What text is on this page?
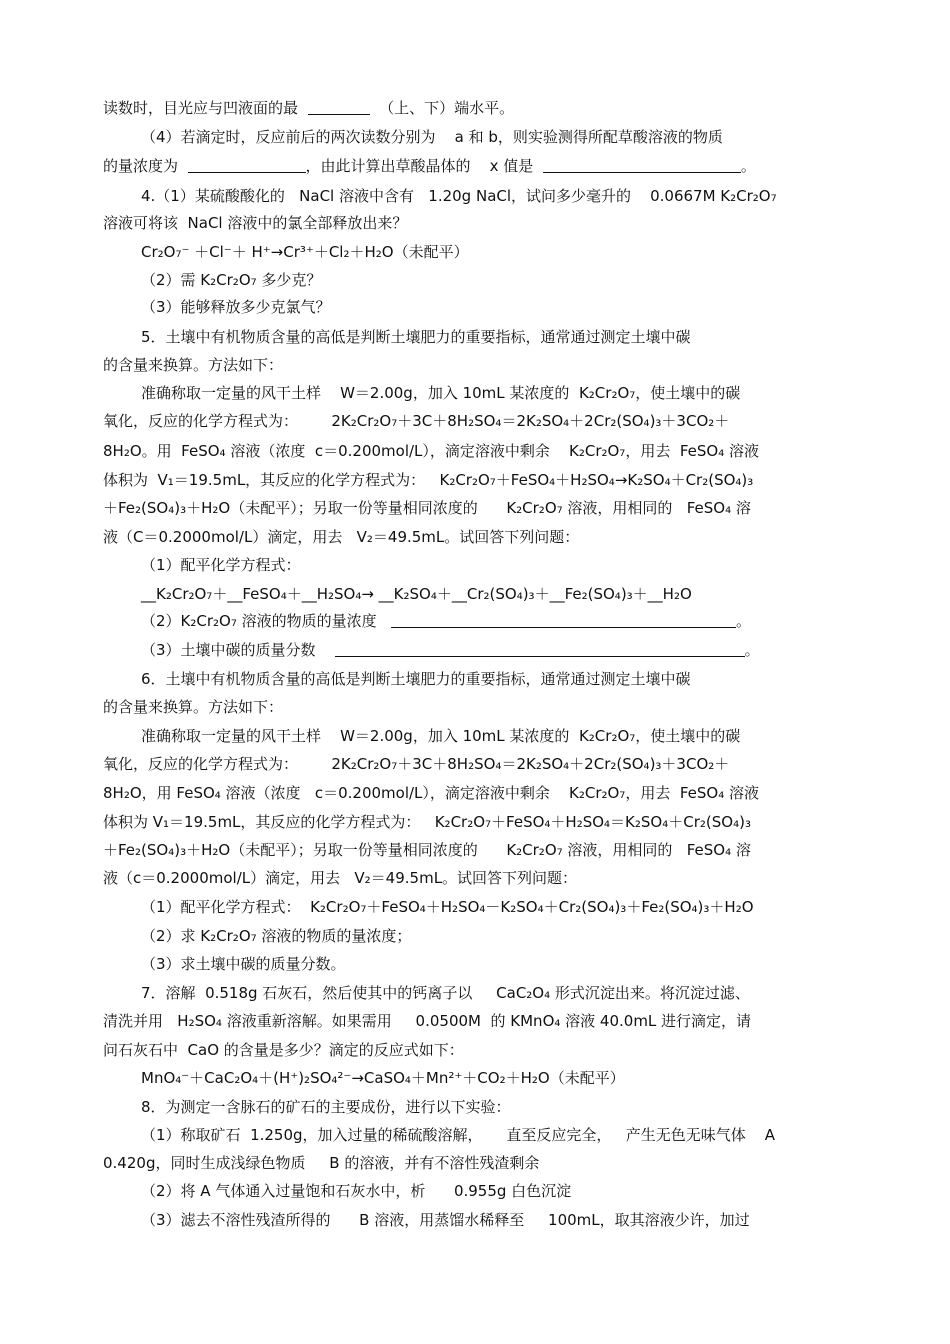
读数时，目光应与凹液面的最	（上、下）端水平。
（4）若滴定时，反应前后的两次读数分别为    a 和 b，则实验测得所配草酸溶液的物质
的量浓度为	，由此计算出草酸晶体的    x 值是	。
4.（1）某硫酸酸化的   NaCl 溶液中含有   1.20g NaCl，试问多少毫升的    0.0667M K₂Cr₂O₇
溶液可将该  NaCl 溶液中的氯全部释放出来？
Cr₂O₇⁻ ＋Cl⁻＋ H⁺→Cr³⁺＋Cl₂＋H₂O（未配平）
（2）需 K₂Cr₂O₇ 多少克？
（3）能够释放多少克氯气？
5．土壤中有机物质含量的高低是判断土壤肥力的重要指标，通常通过测定土壤中碳
的含量来换算。方法如下：
准确称取一定量的风干土样    W＝2.00g，加入 10mL 某浓度的  K₂Cr₂O₇，使土壤中的碳
氧化，反应的化学方程式为：       2K₂Cr₂O₇＋3C＋8H₂SO₄＝2K₂SO₄＋2Cr₂(SO₄)₃＋3CO₂＋
8H₂O。用  FeSO₄ 溶液（浓度  c＝0.200mol/L），滴定溶液中剩余    K₂Cr₂O₇，用去  FeSO₄ 溶液
体积为  V₁＝19.5mL，其反应的化学方程式为：   K₂Cr₂O₇＋FeSO₄＋H₂SO₄→K₂SO₄＋Cr₂(SO₄)₃
＋Fe₂(SO₄)₃＋H₂O（未配平）；另取一份等量相同浓度的      K₂Cr₂O₇ 溶液，用相同的   FeSO₄ 溶
液（C＝0.2000mol/L）滴定，用去   V₂＝49.5mL。试回答下列问题：
（1）配平化学方程式：
__K₂Cr₂O₇＋__FeSO₄＋__H₂SO₄→ __K₂SO₄＋__Cr₂(SO₄)₃＋__Fe₂(SO₄)₃＋__H₂O
（2）K₂Cr₂O₇ 溶液的物质的量浓度	。
（3）土壤中碳的质量分数	。
6．土壤中有机物质含量的高低是判断土壤肥力的重要指标，通常通过测定土壤中碳
的含量来换算。方法如下：
准确称取一定量的风干土样    W＝2.00g，加入 10mL 某浓度的  K₂Cr₂O₇，使土壤中的碳
氧化，反应的化学方程式为：       2K₂Cr₂O₇＋3C＋8H₂SO₄＝2K₂SO₄＋2Cr₂(SO₄)₃＋3CO₂＋
8H₂O，用 FeSO₄ 溶液（浓度   c＝0.200mol/L），滴定溶液中剩余    K₂Cr₂O₇，用去  FeSO₄ 溶液
体积为 V₁＝19.5mL，其反应的化学方程式为：   K₂Cr₂O₇＋FeSO₄＋H₂SO₄＝K₂SO₄＋Cr₂(SO₄)₃
＋Fe₂(SO₄)₃＋H₂O（未配平）；另取一份等量相同浓度的      K₂Cr₂O₇ 溶液，用相同的   FeSO₄ 溶
液（c＝0.2000mol/L）滴定，用去   V₂＝49.5mL。试回答下列问题：
（1）配平化学方程式：  K₂Cr₂O₇＋FeSO₄＋H₂SO₄－K₂SO₄＋Cr₂(SO₄)₃＋Fe₂(SO₄)₃＋H₂O
（2）求 K₂Cr₂O₇ 溶液的物质的量浓度；
（3）求土壤中碳的质量分数。
7．溶解  0.518g 石灰石，然后使其中的钙离子以     CaC₂O₄ 形式沉淀出来。将沉淀过滤、
清洗并用   H₂SO₄ 溶液重新溶解。如果需用     0.0500M  的 KMnO₄ 溶液 40.0mL 进行滴定，请
问石灰石中  CaO 的含量是多少？滴定的反应式如下：
MnO₄⁻＋CaC₂O₄＋(H⁺)₂SO₄²⁻→CaSO₄＋Mn²⁺＋CO₂＋H₂O（未配平）
8．为测定一含脉石的矿石的主要成份，进行以下实验：
（1）称取矿石  1.250g，加入过量的稀硫酸溶解，     直至反应完全，   产生无色无味气体    A
0.420g，同时生成浅绿色物质     B 的溶液，并有不溶性残渣剩余
（2）将 A 气体通入过量饱和石灰水中，析      0.955g 白色沉淀
（3）滤去不溶性残渣所得的      B 溶液，用蒸馏水稀释至     100mL，取其溶液少许，加过
